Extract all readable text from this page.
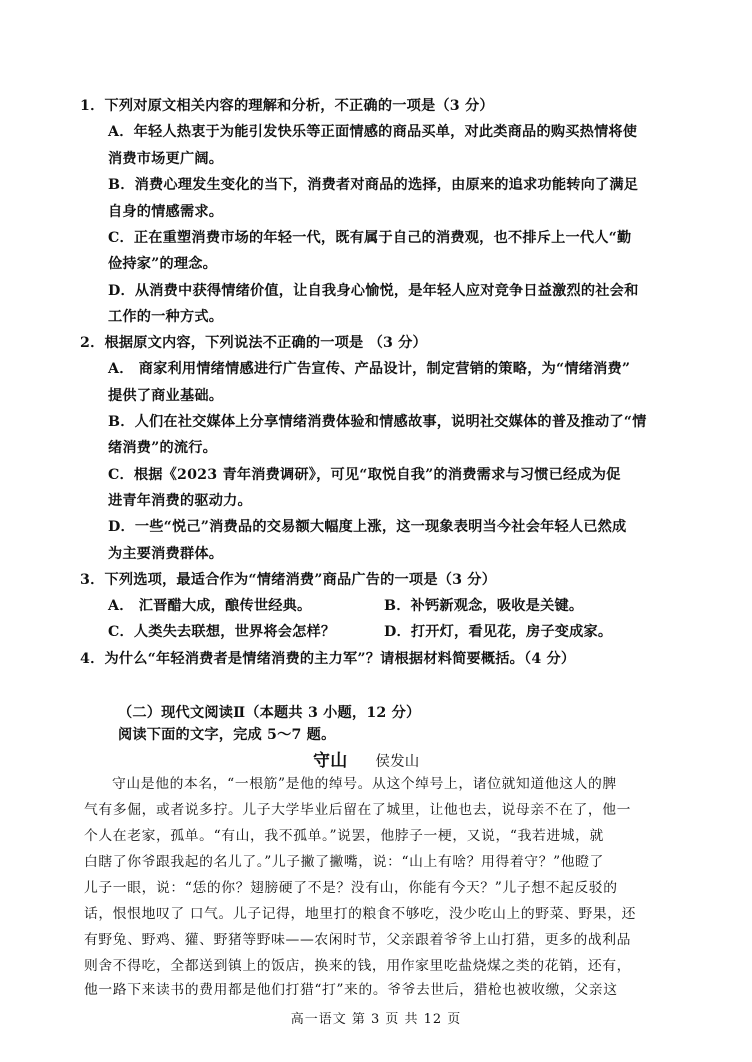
1．下列对原文相关内容的理解和分析，不正确的一项是（3 分）
A．年轻人热衷于为能引发快乐等正面情感的商品买单，对此类商品的购买热情将使
消费市场更广阔。
B．消费心理发生变化的当下，消费者对商品的选择，由原来的追求功能转向了满足
自身的情感需求。
C．正在重塑消费市场的年轻一代，既有属于自己的消费观，也不排斥上一代人“勤
俭持家”的理念。
D．从消费中获得情绪价值，让自我身心愉悦，是年轻人应对竞争日益激烈的社会和
工作的一种方式。
2．根据原文内容，下列说法不正确的一项是 （3 分）
A． 商家利用情绪情感进行广告宣传、产品设计，制定营销的策略，为“情绪消费”
提供了商业基础。
B．人们在社交媒体上分享情绪消费体验和情感故事，说明社交媒体的普及推动了“情
绪消费”的流行。
C．根据《2023 青年消费调研》，可见“取悦自我”的消费需求与习惯已经成为促
进青年消费的驱动力。
D．一些“悦己”消费品的交易额大幅度上涨，这一现象表明当今社会年轻人已然成
为主要消费群体。
3．下列选项，最适合作为“情绪消费”商品广告的一项是（3 分）
A． 汇晋醋大成，酿传世经典。	B．补钙新观念，吸收是关键。
C．人类失去联想，世界将会怎样？	D．打开灯，看见花，房子变成家。
4．为什么“年轻消费者是情绪消费的主力军”？请根据材料简要概括。（4 分）
（二）现代文阅读Ⅱ（本题共 3 小题，12 分）
阅读下面的文字，完成 5～7 题。
守山 侯发山
守山是他的本名，“一根筋”是他的绰号。从这个绰号上，诸位就知道他这人的脾
气有多倔，或者说多拧。儿子大学毕业后留在了城里，让他也去，说母亲不在了，他一
个人在老家，孤单。“有山，我不孤单。”说罢，他脖子一梗，又说，“我若进城，就
白瞎了你爷跟我起的名儿了。”儿子撇了撇嘴，说：“山上有啥？用得着守？”他瞪了
儿子一眼，说：“恁的你？翅膀硬了不是？没有山，你能有今天？”儿子想不起反驳的
话，恨恨地叹了 口气。儿子记得，地里打的粮食不够吃，没少吃山上的野菜、野果，还
有野兔、野鸡、獾、野猪等野味——农闲时节，父亲跟着爷爷上山打猎，更多的战利品
则舍不得吃，全都送到镇上的饭店，换来的钱，用作家里吃盐烧煤之类的花销，还有，
他一路下来读书的费用都是他们打猎“打”来的。爷爷去世后，猎枪也被收缴，父亲这
高一语文 第 3 页 共 12 页
